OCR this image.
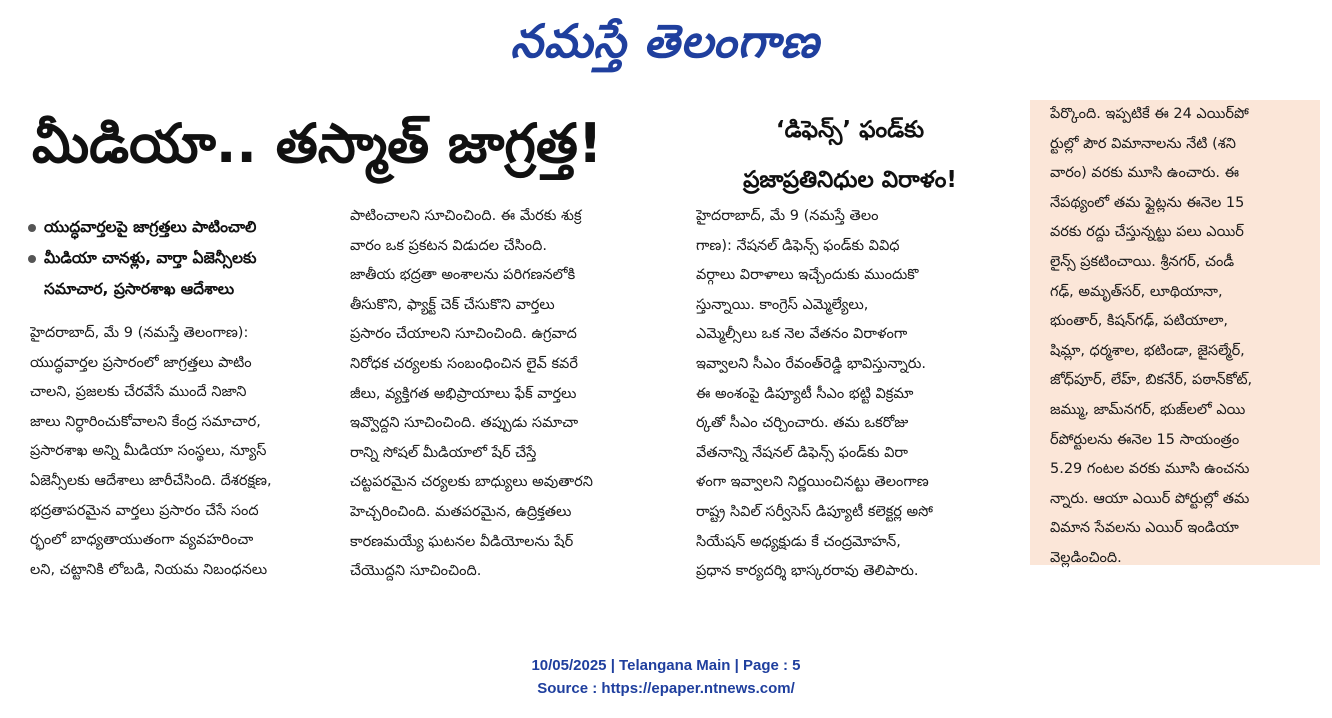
నమస్తే తెలంగాణ
మీడియా.. తస్మాత్ జాగ్రత్త!	‘డిఫెన్స్’ ఫండ్‌కు
ప్రజాప్రతినిధుల విరాళం!
యుద్ధవార్తలపై జాగ్రత్తలు పాటించాలి
మీడియా చానళ్లు, వార్తా ఏజెన్సీలకు
సమాచార, ప్రసారశాఖ ఆదేశాలు

హైదరాబాద్, మే 9 (నమస్తే తెలంగాణ):

యుద్ధవార్తల ప్రసారంలో జాగ్రత్తలు పాటిం

చాలని, ప్రజలకు చేరవేసే ముందే నిజాని

జాలు నిర్ధారించుకోవాలని కేంద్ర సమాచార,

ప్రసారశాఖ అన్ని మీడియా సంస్థలు, న్యూస్

ఏజెన్సీలకు ఆదేశాలు జారీచేసింది. దేశరక్షణ,

భద్రతాపరమైన వార్తలు ప్రసారం చేసే సంద

ర్భంలో బాధ్యతాయుతంగా వ్యవహరించా

లని, చట్టానికి లోబడి, నియమ నిబంధనలు

పాటించాలని సూచించింది. ఈ మేరకు శుక్ర

వారం ఒక ప్రకటన విడుదల చేసింది.

జాతీయ భద్రతా అంశాలను పరిగణనలోకి

తీసుకొని, ఫ్యాక్ట్ చెక్ చేసుకొని వార్తలు

ప్రసారం చేయాలని సూచించింది. ఉగ్రవాద

నిరోధక చర్యలకు సంబంధించిన లైవ్ కవరే

జీలు, వ్యక్తిగత అభిప్రాయాలు ఫేక్ వార్తలు

ఇవ్వొద్దని సూచించింది. తప్పుడు సమాచా

రాన్ని సోషల్ మీడియాలో షేర్ చేస్తే

చట్టపరమైన చర్యలకు బాధ్యులు అవుతారని

హెచ్చరించింది. మతపరమైన, ఉద్రిక్తతలు

కారణమయ్యే ఘటనల వీడియోలను షేర్

చేయొద్దని సూచించింది.

హైదరాబాద్, మే 9 (నమస్తే తెలం

గాణ): నేషనల్ డిఫెన్స్ ఫండ్‌కు వివిధ

వర్గాలు విరాళాలు ఇచ్చేందుకు ముందుకొ

స్తున్నాయి. కాంగ్రెస్ ఎమ్మెల్యేలు,

ఎమ్మెల్సీలు ఒక నెల వేతనం విరాళంగా

ఇవ్వాలని సీఎం రేవంత్‌రెడ్డి భావిస్తున్నారు.

ఈ అంశంపై డిప్యూటీ సీఎం భట్టి విక్రమా

ర్కతో సీఎం చర్చించారు. తమ ఒకరోజు

వేతనాన్ని నేషనల్ డిఫెన్స్ ఫండ్‌కు విరా

ళంగా ఇవ్వాలని నిర్ణయించినట్టు తెలంగాణ

రాష్ట్ర సివిల్ సర్వీసెస్ డిప్యూటీ కలెక్టర్ల అసో

సియేషన్ అధ్యక్షుడు కే చంద్రమోహన్,

ప్రధాన కార్యదర్శి భాస్కరరావు తెలిపారు.

పేర్కొంది. ఇప్పటికే ఈ 24 ఎయిర్‌పో

ర్టుల్లో పౌర విమానాలను నేటి (శని

వారం) వరకు మూసి ఉంచారు. ఈ

నేపథ్యంలో తమ ఫ్లైట్లను ఈనెల 15

వరకు రద్దు చేస్తున్నట్టు పలు ఎయిర్

లైన్స్ ప్రకటించాయి. శ్రీనగర్, చండీ

గఢ్, అమృత్‌సర్, లూథియానా,

భుంతార్, కిషన్‌గఢ్, పటియాలా,

షిమ్లా, ధర్మశాల, భటిండా, జైసల్మేర్,

జోధ్‌పూర్, లేహ్, బికనేర్, పఠాన్‌కోట్,

జమ్ము, జామ్‌నగర్, భుజ్‌లలో ఎయి

ర్‌పోర్టులను ఈనెల 15 సాయంత్రం

5.29 గంటల వరకు మూసి ఉంచను

న్నారు. ఆయా ఎయిర్ పోర్టుల్లో తమ

విమాన సేవలను ఎయిర్ ఇండియా

వెల్లడించింది.

10/05/2025 | Telangana Main | Page : 5
Source : https://epaper.ntnews.com/
